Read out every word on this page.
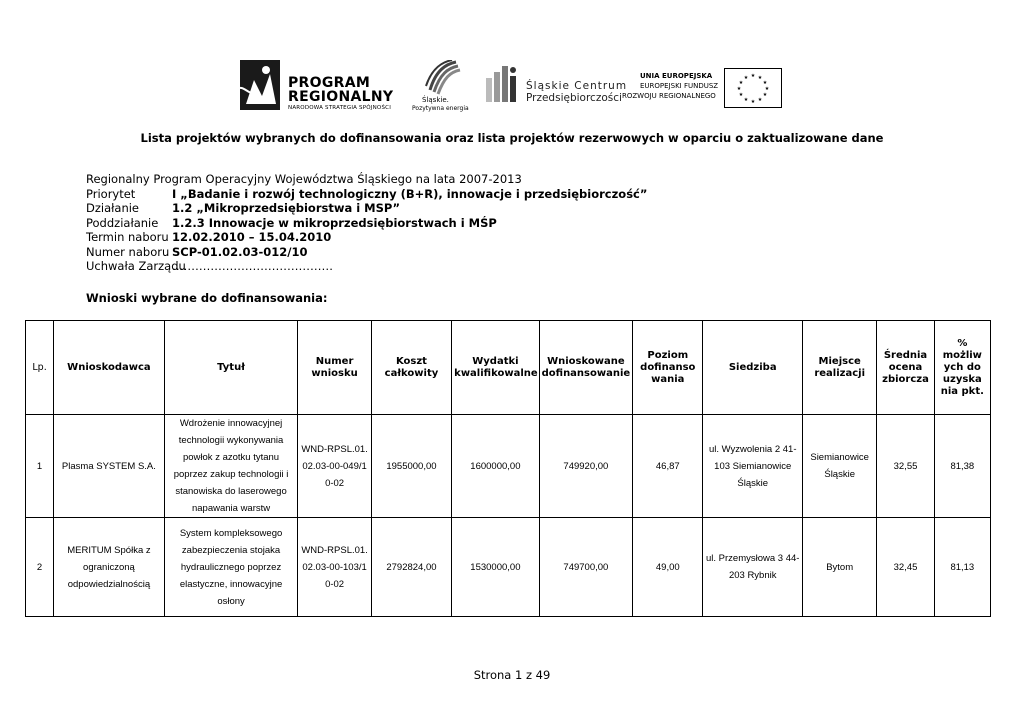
PROGRAM
REGIONALNY
NARODOWA STRATEGIA SPÓJNOŚCI
Śląskie.
Pozytywna energia
Śląskie Centrum
Przedsiębiorczości
UNIA EUROPEJSKA
EUROPEJSKI FUNDUSZ
ROZWOJU REGIONALNEGO
★ ★
★
★
★
★
★
★
★
★
★
★
Lista projektów wybranych do dofinansowania oraz lista projektów rezerwowych w oparciu o zaktualizowane dane
Regionalny Program Operacyjny Województwa Śląskiego na lata 2007-2013
Priorytet	I „Badanie i rozwój technologiczny (B+R), innowacje i przedsiębiorczość”
Działanie	1.2 „Mikroprzedsiębiorstwa i MSP”
Poddziałanie	1.2.3 Innowacje w mikroprzedsiębiorstwach i MŚP
Termin naboru 12.02.2010 – 15.04.2010
Numer naboru SCP-01.02.03-012/10
Uchwała Zarządu
……………………………………
Wnioski wybrane do dofinansowania:
Lp.	Wnioskodawca	Tytuł	Numer wniosku	Koszt całkowity	Wydatki kwalifikowalne	Wnioskowane dofinansowanie	Poziom dofinanso wania	Siedziba	Miejsce realizacji	Średnia ocena zbiorcza	% możliw ych do uzyska nia pkt.
1	Plasma SYSTEM S.A.	Wdrożenie innowacyjnej technologii wykonywania powłok z azotku tytanu poprzez zakup technologii i stanowiska do laserowego napawania warstw	WND-RPSL.01.02.03-00-049/10-02	1955000,00	1600000,00	749920,00	46,87	ul. Wyzwolenia 2 41-103 Siemianowice Śląskie	Siemianowice Śląskie	32,55	81,38
2	MERITUM Spółka z ograniczoną odpowiedzialnością	System kompleksowego zabezpieczenia stojaka hydraulicznego poprzez elastyczne, innowacyjne osłony	WND-RPSL.01.02.03-00-103/10-02	2792824,00	1530000,00	749700,00	49,00	ul. Przemysłowa 3 44-203 Rybnik	Bytom	32,45	81,13
Strona 1 z 49
